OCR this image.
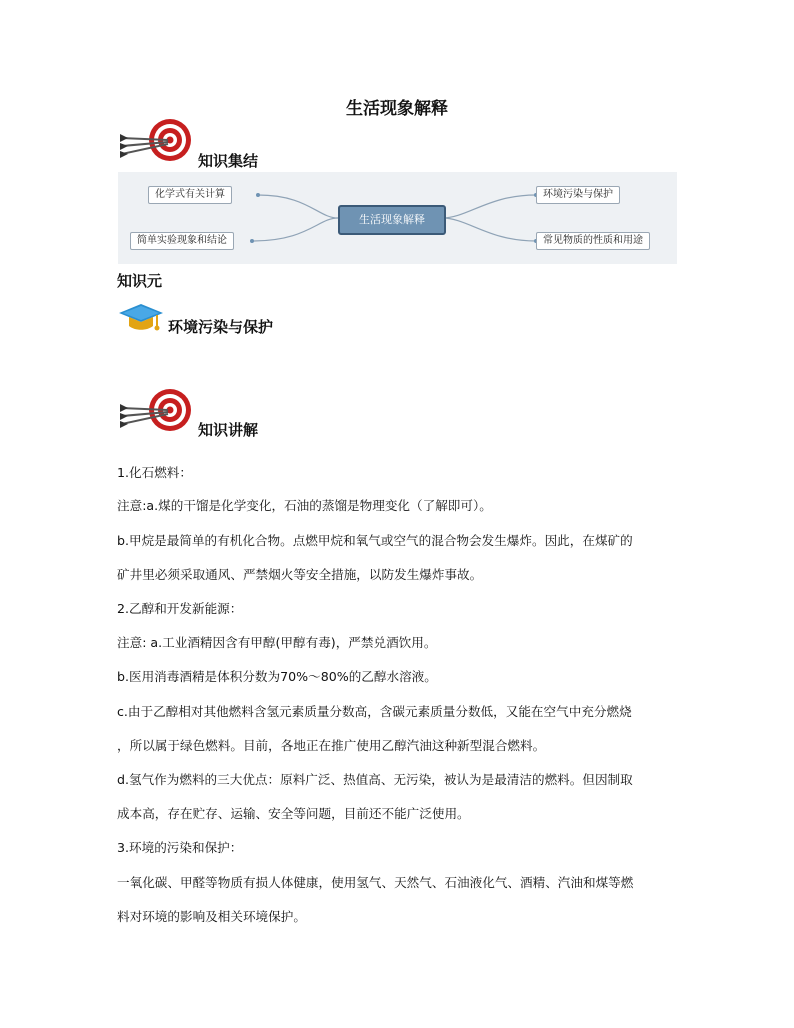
生活现象解释
知识集结
化学式有关计算
简单实验现象和结论
生活现象解释
环境污染与保护
常见物质的性质和用途
知识元
环境污染与保护
知识讲解
1.化石燃料：
注意:a.煤的干馏是化学变化，石油的蒸馏是物理变化（了解即可）。
b.甲烷是最简单的有机化合物。点燃甲烷和氧气或空气的混合物会发生爆炸。因此，在煤矿的
矿井里必须采取通风、严禁烟火等安全措施，以防发生爆炸事故。
2.乙醇和开发新能源：
注意: a.工业酒精因含有甲醇(甲醇有毒)，严禁兑酒饮用。
b.医用消毒酒精是体积分数为70%～80%的乙醇水溶液。
c.由于乙醇相对其他燃料含氢元素质量分数高，含碳元素质量分数低，又能在空气中充分燃烧
，所以属于绿色燃料。目前，各地正在推广使用乙醇汽油这种新型混合燃料。
d.氢气作为燃料的三大优点：原料广泛、热值高、无污染，被认为是最清洁的燃料。但因制取
成本高，存在贮存、运输、安全等问题，目前还不能广泛使用。
3.环境的污染和保护：
一氧化碳、甲醛等物质有损人体健康，使用氢气、天然气、石油液化气、酒精、汽油和煤等燃
料对环境的影响及相关环境保护。
